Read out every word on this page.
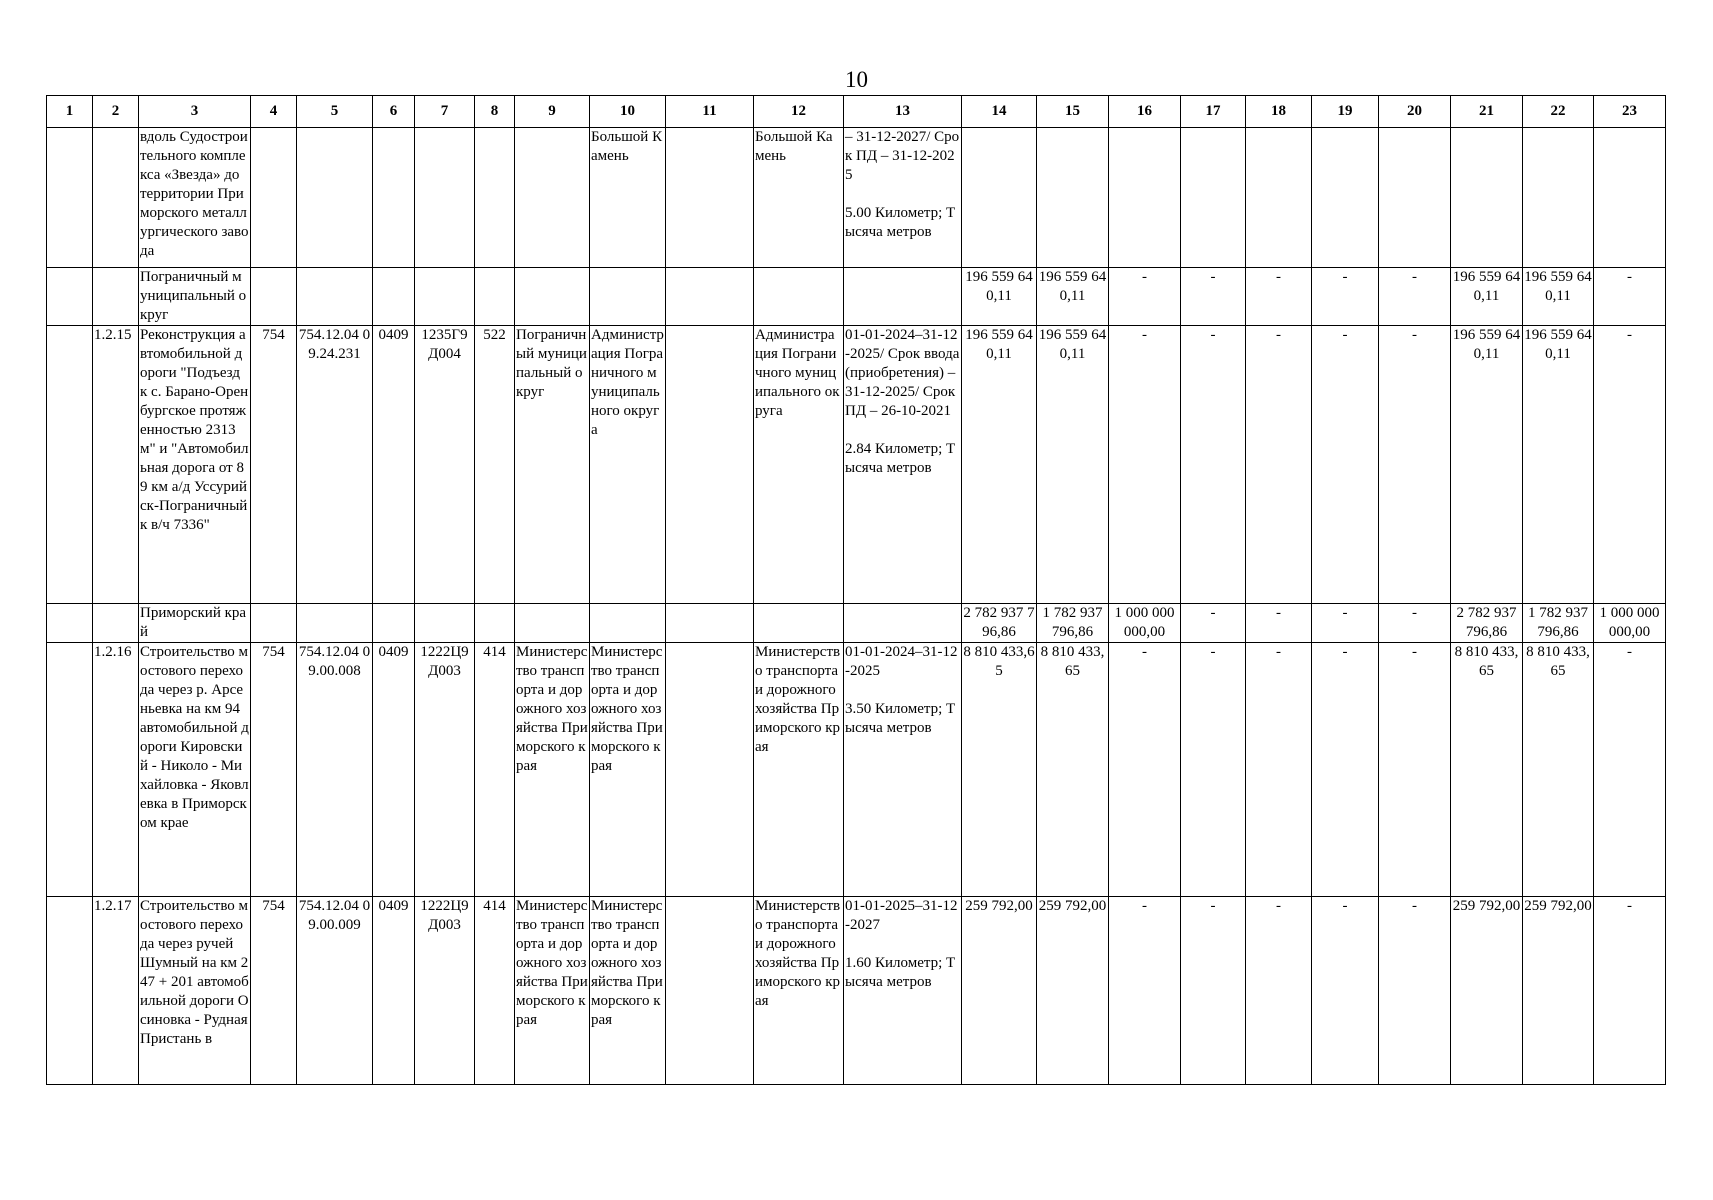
10
1	2	3	4	5	6	7	8	9	10	11	12	13	14	15	16	17	18	19	20	21	22	23
		вдоль Судостроительного комплекса «Звезда» до территории Приморского металлургического завода							Большой Камень		Большой Камень	– 31-12-2027/ Срок ПД – 31-12-2025

5.00 Километр; Тысяча метров										
		Пограничный муниципальный округ											196 559 640,11	196 559 640,11	-	-	-	-	-	196 559 640,11	196 559 640,11	-
	1.2.15	Реконструкция автомобильной дороги "Подъезд к с. Барано-Оренбургское протяженностью 2313 м" и "Автомобильная дорога от 89 км а/д Уссурийск-Пограничный к в/ч 7336"	754	754.12.04 09.24.231	0409	1235Г9 Д004	522	Пограничный муниципальный округ	Администрация Пограничного муниципального округа		Администрация Пограничного муниципального округа	01-01-2024–31-12-2025/ Срок ввода (приобретения) – 31-12-2025/ Срок ПД – 26-10-2021

2.84 Километр; Тысяча метров	196 559 640,11	196 559 640,11	-	-	-	-	-	196 559 640,11	196 559 640,11	-
		Приморский край											2 782 937 796,86	1 782 937 796,86	1 000 000 000,00	-	-	-	-	2 782 937 796,86	1 782 937 796,86	1 000 000 000,00
	1.2.16	Строительство мостового перехода через р. Арсеньевка на км 94 автомобильной дороги Кировский - Николо - Михайловка - Яковлевка в Приморском крае	754	754.12.04 09.00.008	0409	1222Ц9 Д003	414	Министерство транспорта и дорожного хозяйства Приморского края	Министерство транспорта и дорожного хозяйства Приморского края		Министерство транспорта и дорожного хозяйства Приморского края	01-01-2024–31-12-2025

3.50 Километр; Тысяча метров	8 810 433,65	8 810 433,65	-	-	-	-	-	8 810 433,65	8 810 433,65	-
	1.2.17	Строительство мостового перехода через ручей Шумный на км 247 + 201 автомобильной дороги Осиновка - Рудная Пристань в	754	754.12.04 09.00.009	0409	1222Ц9 Д003	414	Министерство транспорта и дорожного хозяйства Приморского края	Министерство транспорта и дорожного хозяйства Приморского края		Министерство транспорта и дорожного хозяйства Приморского края	01-01-2025–31-12-2027

1.60 Километр; Тысяча метров	259 792,00	259 792,00	-	-	-	-	-	259 792,00	259 792,00	-
